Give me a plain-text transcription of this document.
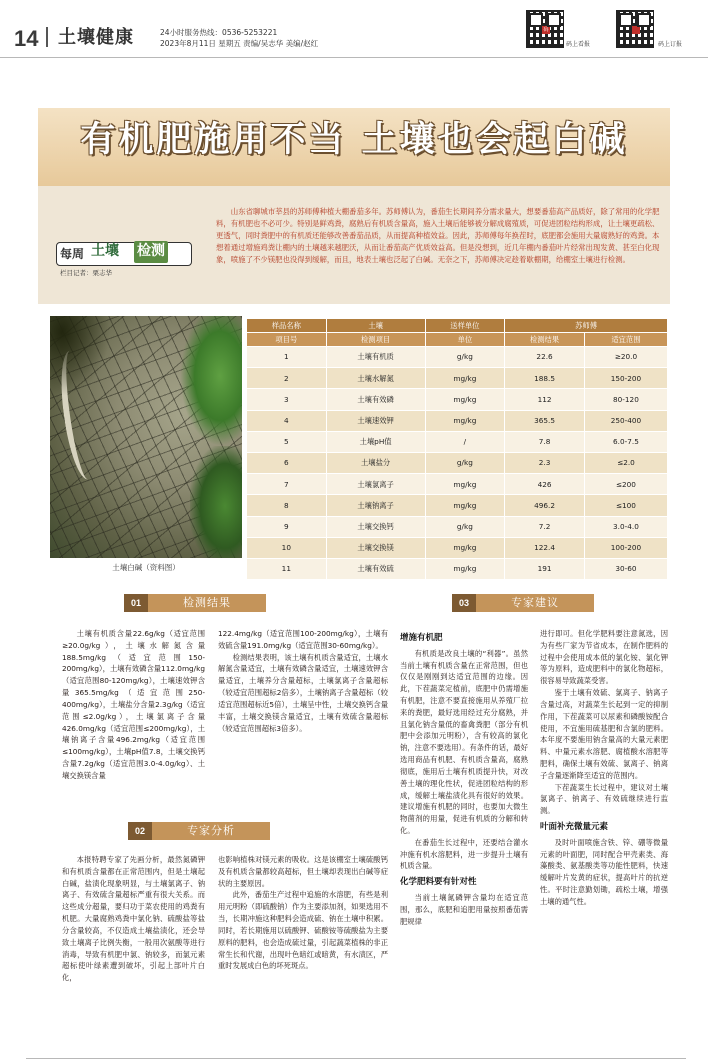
14 土壤健康	24小时服务热线：0536-5253221
2023年8月11日 星期五 责编/吴志华 美编/赵红
码
码上看报	码上订报
有机肥施用不当 土壤也会起白碱
每周 土壤 检测
栏目记者：栗志华

山东省聊城市莘县的苏师傅种植大棚番茄多年。苏师傅认为，番茄生长期间养分需求量大，想要番茄高产品质好，除了常用的化学肥料，有机肥也不必可少。特别是鲜鸡粪，腐熟后有机质含量高，施入土壤后能够被分解成腐殖质，可促进团粒结构形成，让土壤更疏松、更透气，同时粪肥中的有机质还能够改善番茄品质，从而提高种植效益。因此，苏师傅每年换茬时，底肥都会施用大量腐熟好的鸡粪。本想着通过增施鸡粪让棚内的土壤越来越肥沃，从而让番茄高产优质效益高。但是没想到，近几年棚内番茄叶片经常出现发黄、甚至白化现象，喷施了不少镁肥也没得到缓解，而且，地表土壤也泛起了白碱。无奈之下，苏师傅决定趁着歇棚期，给棚室土壤进行检测。

土壤白碱（资料图）
样品名称	土壤	送样单位	苏师傅	
项目号	检测项目	单位	检测结果	适宜范围
1	土壤有机质	g/kg	22.6	≥20.0
2	土壤水解氮	mg/kg	188.5	150-200
3	土壤有效磷	mg/kg	112	80-120
4	土壤速效钾	mg/kg	365.5	250-400
5	土壤pH值	/	7.8	6.0-7.5
6	土壤盐分	g/kg	2.3	≤2.0
7	土壤氯离子	mg/kg	426	≤200
8	土壤钠离子	mg/kg	496.2	≤100
9	土壤交换钙	g/kg	7.2	3.0-4.0
10	土壤交换镁	mg/kg	122.4	100-200
11	土壤有效硫	mg/kg	191	30-60
01	检测结果
02	专家分析
03	专家建议

土壤有机质含量22.6g/kg（适宜范围≥20.0g/kg），土壤水解氮含量188.5mg/kg（适宜范围150-200mg/kg），土壤有效磷含量112.0mg/kg（适宜范围80-120mg/kg），土壤速效钾含量365.5mg/kg（适宜范围250-400mg/kg），土壤盐分含量2.3g/kg（适宜范围≤2.0g/kg），土壤氯离子含量426.0mg/kg（适宜范围≤200mg/kg），土壤钠离子含量496.2mg/kg（适宜范围≤100mg/kg），土壤pH值7.8，土壤交换钙含量7.2g/kg（适宜范围3.0-4.0g/kg）、土壤交换镁含量

122.4mg/kg（适宜范围100-200mg/kg），土壤有效硫含量191.0mg/kg（适宜范围30-60mg/kg）。

检测结果表明，该土壤有机质含量适宜，土壤水解氮含量适宜，土壤有效磷含量适宜，土壤速效钾含量适宜，土壤养分含量超标，土壤氯离子含量超标（较适宜范围超标2倍多），土壤钠离子含量超标（较适宜范围超标近5倍），土壤呈中性，土壤交换钙含量丰富，土壤交换镁含量适宜，土壤有效硫含量超标（较适宜范围超标3倍多）。

本报特聘专家了先画分析，最然氮磷钾和有机质含量都在正常范围内，但是土壤起白碱，盐渍化现象明显，与土壤氯离子、钠离子、有效硫含量超标严重有很大关系。而这些成分超量，要归功于菜农使用的鸡粪有机肥。大量腐熟鸡粪中氯化钠、硫酸盐等盐分含量较高，不仅造成土壤盐渍化，还会导致土壤离子比例失衡，一般用次氨酸等进行消毒，导致有机肥中氯、钠较多，而氯元素超标使叶绿素遭到破坏，引起上部叶片白化，

也影响植株对镁元素的吸收。这是该棚室土壤硫酸钙及有机质含量都较高超标，但土壤却表现出白碱等症状的主要原因。

此外，番茄生产过程中追施的水溶肥，有些是利用元明粉（即硫酸钠）作为主要添加剂，如果选用不当，长期冲施这种肥料会造成硫、钠在土壤中积累。同时，若长期施用以硫酸钾、硫酸铵等硫酸盐为主要原料的肥料，也会造成硫过量，引起蔬菜植株的非正常生长和代谢，出现叶色暗红或暗黄，有水渍区，严重时发展成白色的坏死斑点。

增施有机肥

有机质是改良土壤的“利器”。虽然当前土壤有机质含量在正常范围，但也仅仅是刚刚到达适宜范围的边缘。因此，下茬蔬菜定植前，底肥中仍需增施有机肥，注意不要直接施用从养殖厂拉来的粪肥，最好选用经过充分腐熟，并且氯化钠含量低的畜禽粪肥（部分有机肥中会添加元明粉），含有较高的氯化钠，注意不要选用）。有条件的话，最好选用商品有机肥、有机质含量高，腐熟彻底，施用后土壤有机质提升快，对改善土壤的理化性状，促进团粒结构的形成，缓解土壤盐渍化具有很好的效果。建议增施有机肥的同时，也要加大微生物菌剂的用量，促进有机质的分解和转化。

在番茄生长过程中，还要结合灌水冲施有机水溶肥料，进一步提升土壤有机质含量。

化学肥料要有针对性

当前土壤氮磷钾含量均在适宜范围，那么，底肥和追肥用量按照番茄需肥规律

进行即可。但化学肥料要注意氮选，因为有些厂家为节省成本，在制作肥料的过程中会使用成本低的氯化铵、氯化钾等为原料，造成肥料中的氯化物超标，很容易导致蔬菜受害。

鉴于土壤有效硫、氯离子、钠离子含量过高，对蔬菜生长起到一定的抑制作用，下茬蔬菜可以尿素和磷酸铵配合使用，不宜施用硫基肥和含氯的肥料。本年度不要施用钠含量高的大量元素肥料、中量元素水溶肥、腐植酸水溶肥等肥料，确保土壤有效硫、氯离子、钠离子含量逐渐降至适宜的范围内。

下茬蔬菜生长过程中，建议对土壤氯离子、钠离子、有效硫继续进行监测。

叶面补充微量元素

及时叶面喷施含铁、锌、硼等微量元素的叶面肥，同时配合甲壳素类、海藻酸类、氨基酸类等功能性肥料，快速缓解叶片发黄的症状，提高叶片的抗逆性。平时注意勤划锄，疏松土壤，增强土壤的通气性。
